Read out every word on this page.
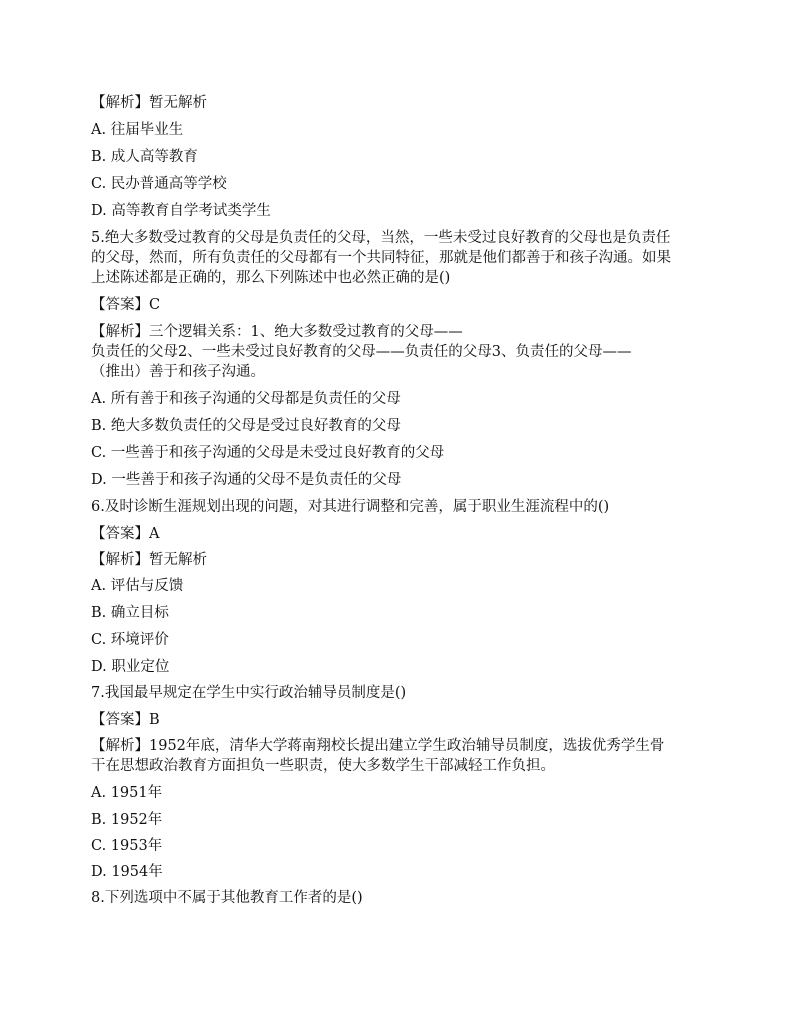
【解析】暂无解析
A. 往届毕业生
B. 成人高等教育
C. 民办普通高等学校
D. 高等教育自学考试类学生
5.绝大多数受过教育的父母是负责任的父母，当然，一些未受过良好教育的父母也是负责任
的父母，然而，所有负责任的父母都有一个共同特征，那就是他们都善于和孩子沟通。如果
上述陈述都是正确的，那么下列陈述中也必然正确的是()
【答案】C
【解析】三个逻辑关系：1、绝大多数受过教育的父母——
负责任的父母2、一些未受过良好教育的父母——负责任的父母3、负责任的父母——
（推出）善于和孩子沟通。
A. 所有善于和孩子沟通的父母都是负责任的父母
B. 绝大多数负责任的父母是受过良好教育的父母
C. 一些善于和孩子沟通的父母是未受过良好教育的父母
D. 一些善于和孩子沟通的父母不是负责任的父母
6.及时诊断生涯规划出现的问题，对其进行调整和完善，属于职业生涯流程中的()
【答案】A
【解析】暂无解析
A. 评估与反馈
B. 确立目标
C. 环境评价
D. 职业定位
7.我国最早规定在学生中实行政治辅导员制度是()
【答案】B
【解析】1952年底，清华大学蒋南翔校长提出建立学生政治辅导员制度，选拔优秀学生骨
干在思想政治教育方面担负一些职责，使大多数学生干部减轻工作负担。
A. 1951年
B. 1952年
C. 1953年
D. 1954年
8.下列选项中不属于其他教育工作者的是()
